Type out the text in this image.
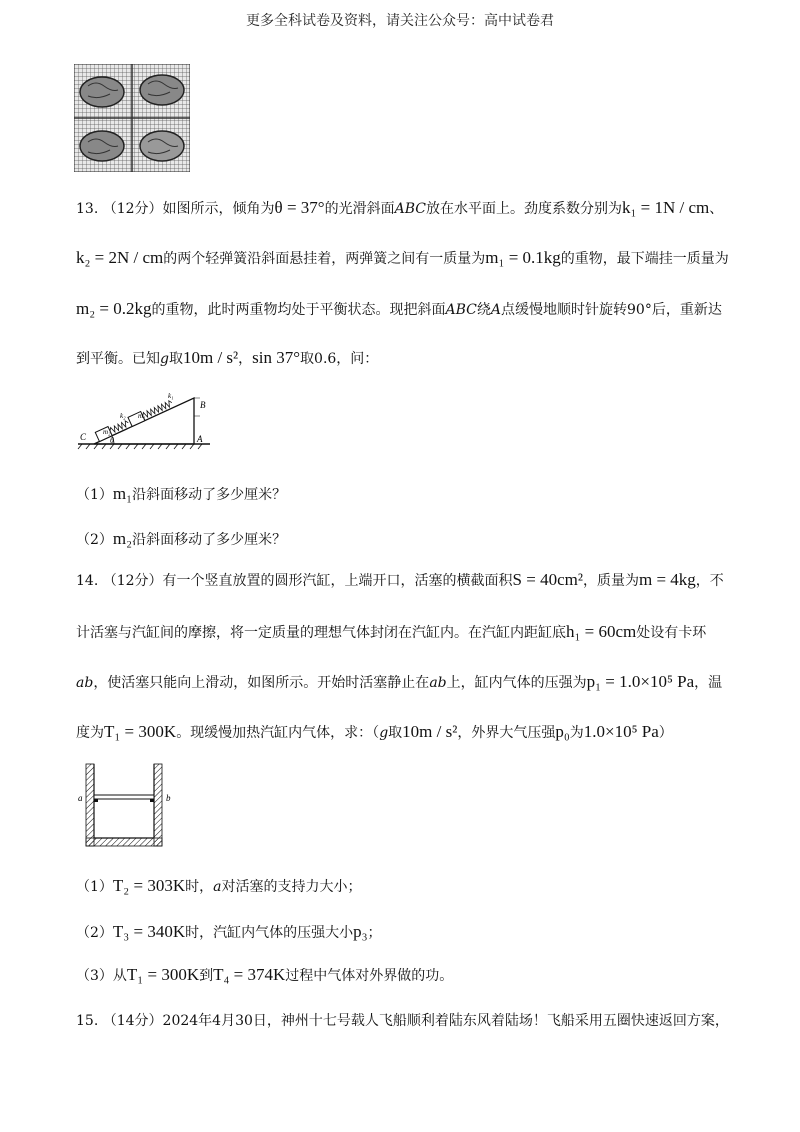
更多全科试卷及资料，请关注公众号：高中试卷君
13. （12分）如图所示，倾角为θ = 37°的光滑斜面ABC放在水平面上。劲度系数分别为k₁ = 1N / cm、
k₂ = 2N / cm的两个轻弹簧沿斜面悬挂着，两弹簧之间有一质量为m₁ = 0.1kg的重物，最下端挂一质量为
m₂ = 0.2kg的重物，此时两重物均处于平衡状态。现把斜面ABC绕A点缓慢地顺时针旋转90°后，重新达
到平衡。已知g取10m / s²，sin 37°取0.6，问：
C
B
A
θ
m₂
m₁
k₂
k₁
（1）m₁沿斜面移动了多少厘米？
（2）m₂沿斜面移动了多少厘米？
14. （12分）有一个竖直放置的圆形汽缸，上端开口，活塞的横截面积S = 40cm²，质量为m = 4kg，不
计活塞与汽缸间的摩擦，将一定质量的理想气体封闭在汽缸内。在汽缸内距缸底h₁ = 60cm处设有卡环
ab，使活塞只能向上滑动，如图所示。开始时活塞静止在ab上，缸内气体的压强为p₁ = 1.0×10⁵ Pa，温
度为T₁ = 300K。现缓慢加热汽缸内气体，求：（g取10m / s²，外界大气压强p₀为1.0×10⁵ Pa）
a	b
（1）T₂ = 303K时，a对活塞的支持力大小；
（2）T₃ = 340K时，汽缸内气体的压强大小p₃；
（3）从T₁ = 300K到T₄ = 374K过程中气体对外界做的功。
15. （14分）2024年4月30日，神州十七号载人飞船顺利着陆东风着陆场！飞船采用五圈快速返回方案，
